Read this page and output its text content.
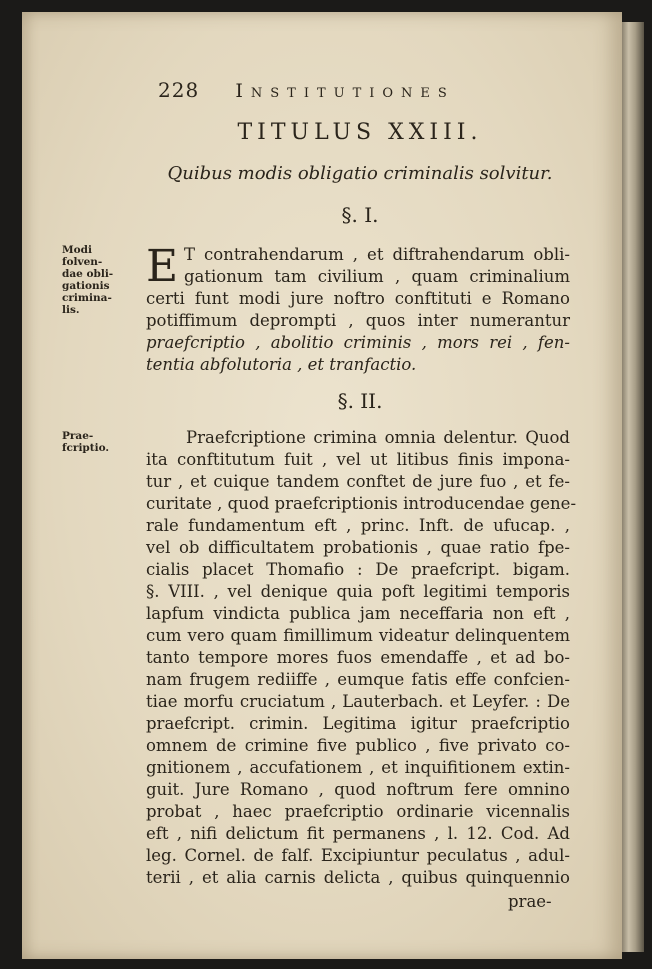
228 Institutiones
TITULUS XXIII.
Quibus modis obligatio criminalis solvitur.
§. I.
Modi
folven-
dae obli-
gationis
crimina-
lis.
E T contrahendarum , et diftrahendarum obli-
gationum tam civilium , quam criminalium
certi funt modi jure noftro conftituti e Romano
potiffimum deprompti , quos inter numerantur
praefcriptio , abolitio criminis , mors rei , fen-
tentia abfolutoria , et tranfactio.
§. II.
Prae-
fcriptio.
Praefcriptione crimina omnia delentur. Quod
ita conftitutum fuit , vel ut litibus finis impona-
tur , et cuique tandem conftet de jure fuo , et fe-
curitate , quod praefcriptionis introducendae gene-
rale fundamentum eft , princ. Inft. de ufucap. ,
vel ob difficultatem probationis , quae ratio fpe-
cialis placet Thomafio : De praefcript. bigam.
§. VIII. , vel denique quia poft legitimi temporis
lapfum vindicta publica jam neceffaria non eft ,
cum vero quam fimillimum videatur delinquentem
tanto tempore mores fuos emendaffe , et ad bo-
nam frugem rediiffe , eumque fatis effe confcien-
tiae morfu cruciatum , Lauterbach. et Leyfer. : De
praefcript. crimin. Legitima igitur praefcriptio
omnem de crimine five publico , five privato co-
gnitionem , accufationem , et inquifitionem extin-
guit. Jure Romano , quod noftrum fere omnino
probat , haec praefcriptio ordinarie vicennalis
eft , nifi delictum fit permanens , l. 12. Cod. Ad
leg. Cornel. de falf. Excipiuntur peculatus , adul-
terii , et alia carnis delicta , quibus quinquennio
prae-
